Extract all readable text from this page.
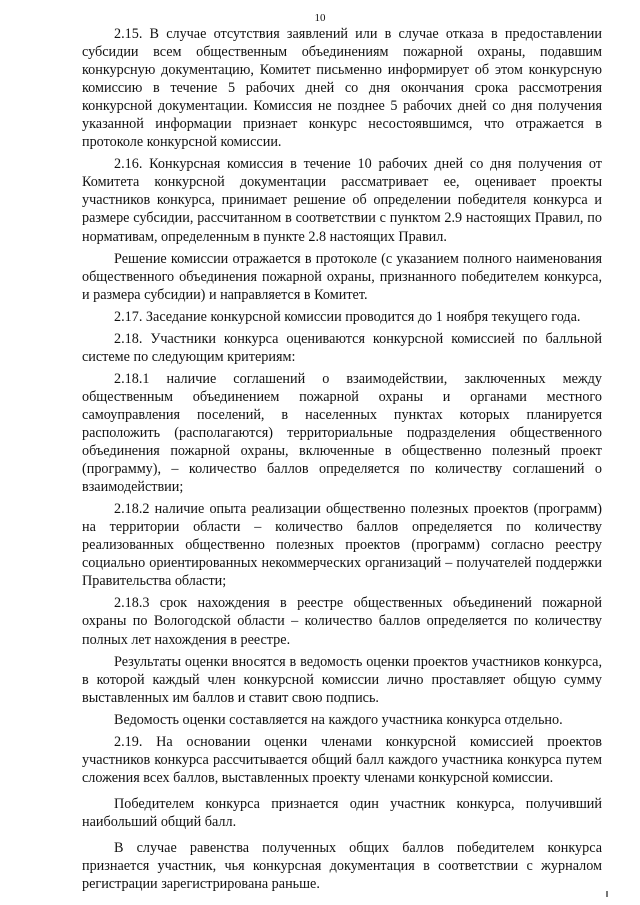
10

2.15. В случае отсутствия заявлений или в случае отказа в предоставлении субсидии всем общественным объединениям пожарной охраны, подавшим конкурсную документацию, Комитет письменно информирует об этом конкурсную комиссию в течение 5 рабочих дней со дня окончания срока рассмотрения конкурсной документации. Комиссия не позднее 5 рабочих дней со дня получения указанной информации признает конкурс несостоявшимся, что отражается в протоколе конкурсной комиссии.

2.16. Конкурсная комиссия в течение 10 рабочих дней со дня получения от Комитета конкурсной документации рассматривает ее, оценивает проекты участников конкурса, принимает решение об определении победителя конкурса и размере субсидии, рассчитанном в соответствии с пунктом 2.9 настоящих Правил, по нормативам, определенным в пункте 2.8 настоящих Правил.

Решение комиссии отражается в протоколе (с указанием полного наименования общественного объединения пожарной охраны, признанного победителем конкурса, и размера субсидии) и направляется в Комитет.

2.17. Заседание конкурсной комиссии проводится до 1 ноября текущего года.

2.18. Участники конкурса оцениваются конкурсной комиссией по балльной системе по следующим критериям:

2.18.1 наличие соглашений о взаимодействии, заключенных между общественным объединением пожарной охраны и органами местного самоуправления поселений, в населенных пунктах которых планируется расположить (располагаются) территориальные подразделения общественного объединения пожарной охраны, включенные в общественно полезный проект (программу), – количество баллов определяется по количеству соглашений о взаимодействии;

2.18.2 наличие опыта реализации общественно полезных проектов (программ) на территории области – количество баллов определяется по количеству реализованных общественно полезных проектов (программ) согласно реестру социально ориентированных некоммерческих организаций – получателей поддержки Правительства области;

2.18.3 срок нахождения в реестре общественных объединений пожарной охраны по Вологодской области – количество баллов определяется по количеству полных лет нахождения в реестре.

Результаты оценки вносятся в ведомость оценки проектов участников конкурса, в которой каждый член конкурсной комиссии лично проставляет общую сумму выставленных им баллов и ставит свою подпись.

Ведомость оценки составляется на каждого участника конкурса отдельно.

2.19. На основании оценки членами конкурсной комиссией проектов участников конкурса рассчитывается общий балл каждого участника конкурса путем сложения всех баллов, выставленных проекту членами конкурсной комиссии.

Победителем конкурса признается один участник конкурса, получивший наибольший общий балл.

В случае равенства полученных общих баллов победителем конкурса признается участник, чья конкурсная документация в соответствии с журналом регистрации зарегистрирована раньше.
